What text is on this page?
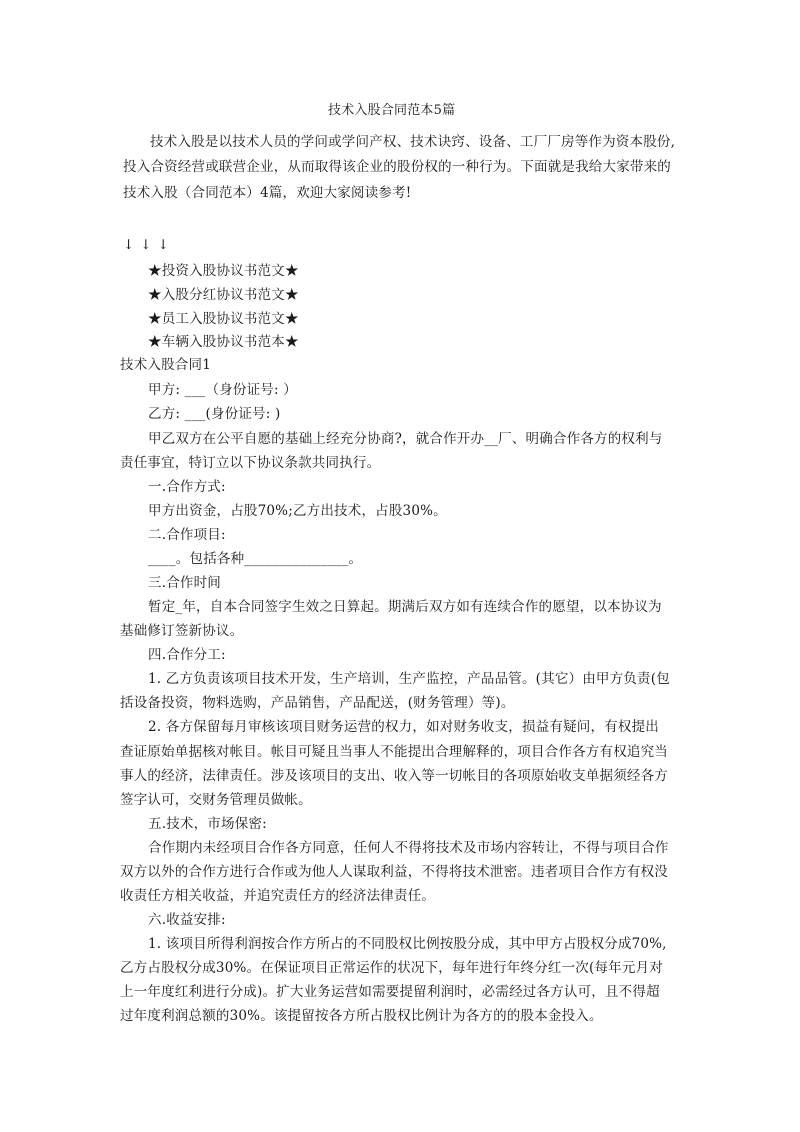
技术入股合同范本5篇
技术入股是以技术人员的学问或学问产权、技术诀窍、设备、工厂厂房等作为资本股份,
投入合资经营或联营企业，从而取得该企业的股份权的一种行为。下面就是我给大家带来的
技术入股（合同范本）4篇，欢迎大家阅读参考!
↓↓↓
★投资入股协议书范文★
★入股分红协议书范文★
★员工入股协议书范文★
★车辆入股协议书范本★
技术入股合同1
甲方: ___（身份证号: ）
乙方: ___(身份证号: )
甲乙双方在公平自愿的基础上经充分协商?，就合作开办__厂、明确合作各方的权利与
责任事宜，特订立以下协议条款共同执行。
一.合作方式:
甲方出资金，占股70%;乙方出技术，占股30%。
二.合作项目:
____。包括各种_______________。
三.合作时间
暂定_年，自本合同签字生效之日算起。期满后双方如有连续合作的愿望，以本协议为
基础修订签新协议。
四.合作分工:
1. 乙方负责该项目技术开发，生产培训，生产监控，产品品管。(其它）由甲方负责(包
括设备投资，物料选购，产品销售，产品配送，(财务管理）等)。
2. 各方保留每月审核该项目财务运营的权力，如对财务收支，损益有疑问，有权提出
查证原始单据核对帐目。帐目可疑且当事人不能提出合理解释的，项目合作各方有权追究当
事人的经济，法律责任。涉及该项目的支出、收入等一切帐目的各项原始收支单据须经各方
签字认可，交财务管理员做帐。
五.技术，市场保密:
合作期内未经项目合作各方同意，任何人不得将技术及市场内容转让，不得与项目合作
双方以外的合作方进行合作或为他人人谋取利益，不得将技术泄密。违者项目合作方有权没
收责任方相关收益，并追究责任方的经济法律责任。
六.收益安排:
1. 该项目所得利润按合作方所占的不同股权比例按股分成，其中甲方占股权分成70%,
乙方占股权分成30%。在保证项目正常运作的状况下，每年进行年终分红一次(每年元月对
上一年度红利进行分成)。扩大业务运营如需要提留利润时，必需经过各方认可，且不得超
过年度利润总额的30%。该提留按各方所占股权比例计为各方的的股本金投入。
